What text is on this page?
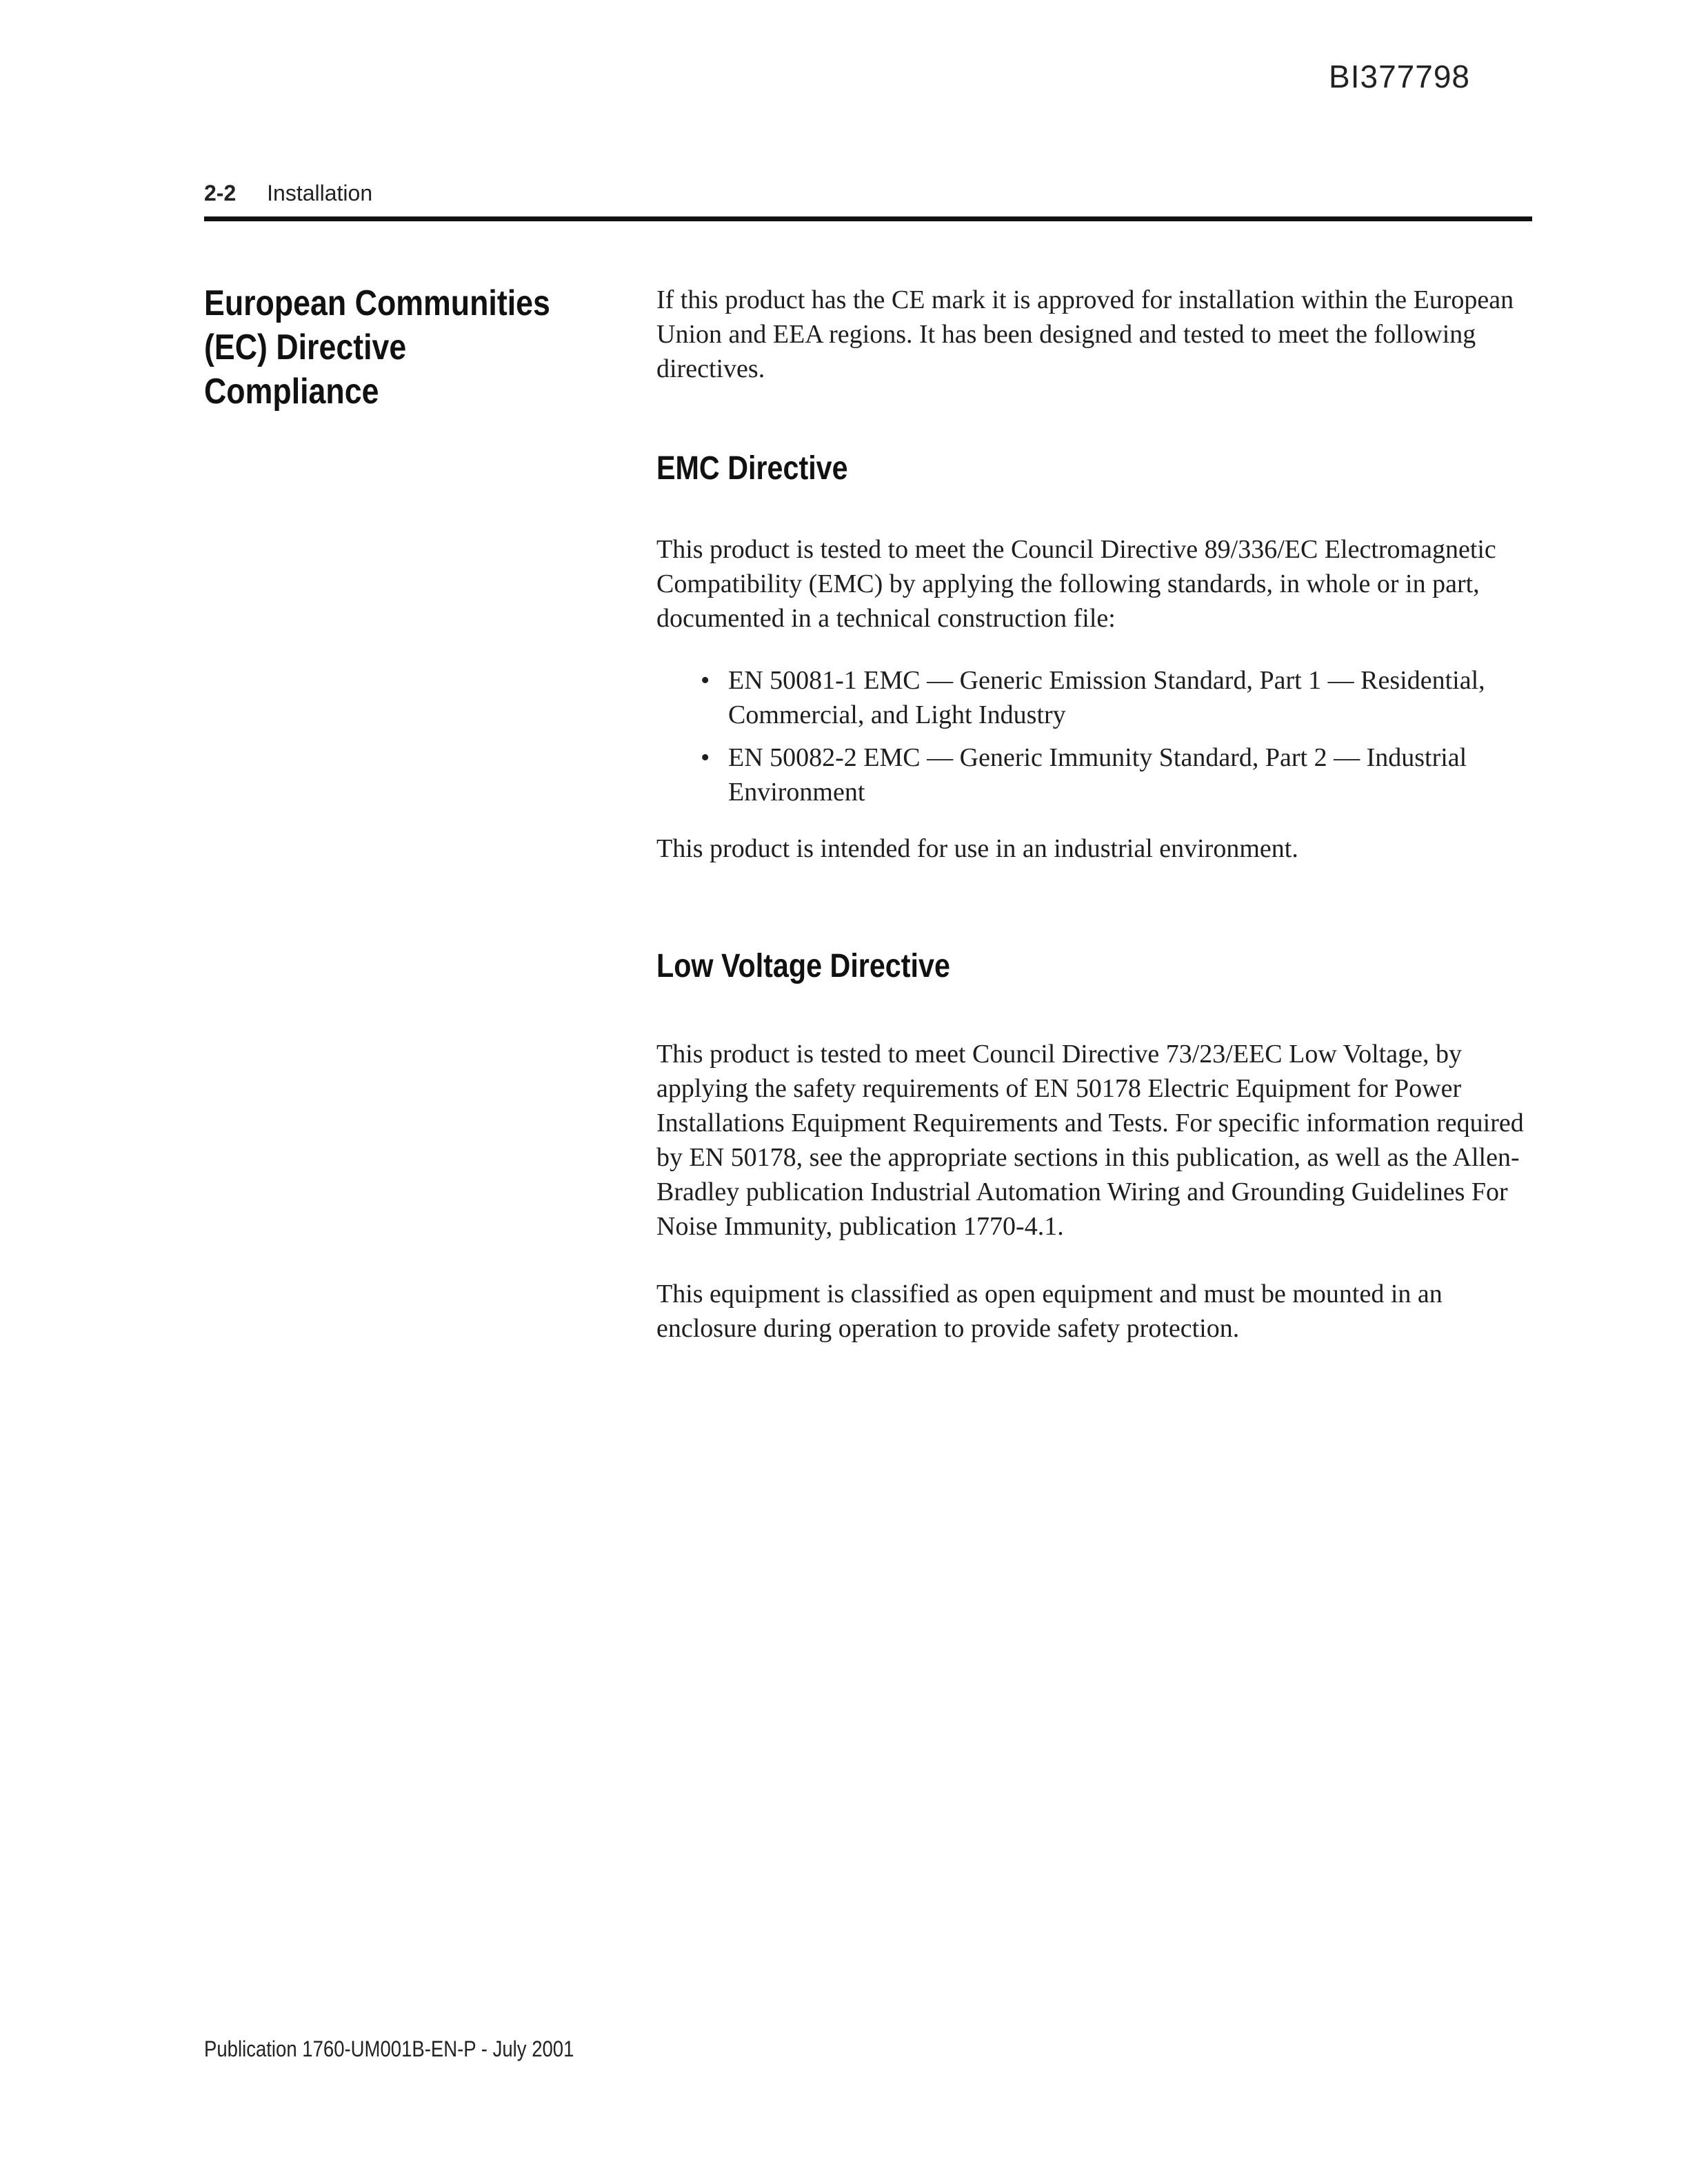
BI377798
2-2 Installation
European Communities (EC) Directive Compliance

If this product has the CE mark it is approved for installation within the European Union and EEA regions. It has been designed and tested to meet the following directives.

EMC Directive

This product is tested to meet the Council Directive 89/336/EC Electromagnetic Compatibility (EMC) by applying the following standards, in whole or in part, documented in a technical construction file:

• EN 50081-1 EMC — Generic Emission Standard, Part 1 — Residential, Commercial, and Light Industry
• EN 50082-2 EMC — Generic Immunity Standard, Part 2 — Industrial Environment

This product is intended for use in an industrial environment.

Low Voltage Directive

This product is tested to meet Council Directive 73/23/EEC Low Voltage, by applying the safety requirements of EN 50178 Electric Equipment for Power Installations Equipment Requirements and Tests. For specific information required by EN 50178, see the appropriate sections in this publication, as well as the Allen-Bradley publication Industrial Automation Wiring and Grounding Guidelines For Noise Immunity, publication 1770-4.1.

This equipment is classified as open equipment and must be mounted in an enclosure during operation to provide safety protection.

Publication 1760-UM001B-EN-P - July 2001
